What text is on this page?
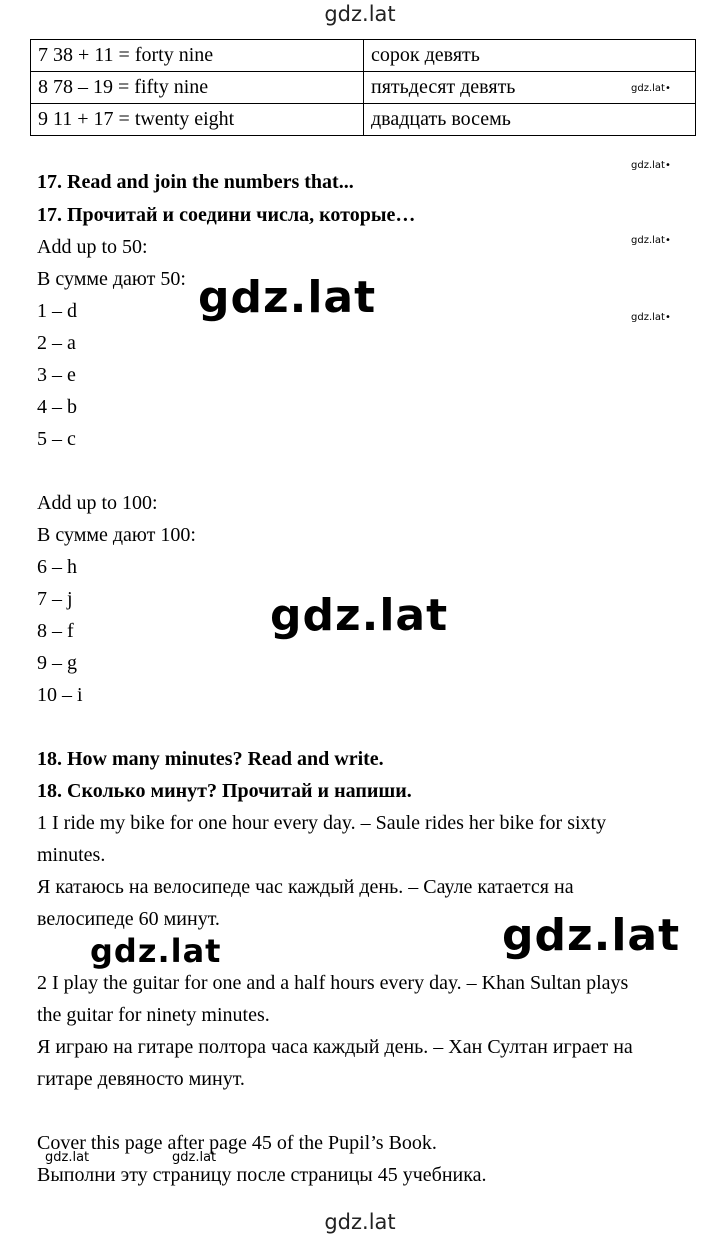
gdz.lat
7 38 + 11 = forty nine	сорок девять
8 78 – 19 = fifty nine	пятьдесят девять
9 11 + 17 = twenty eight	двадцать восемь
17. Read and join the numbers that...
17. Прочитай и соедини числа, которые…
Add up to 50:
В сумме дают 50:
1 – d
2 – a
3 – e
4 – b
5 – c
Add up to 100:
В сумме дают 100:
6 – h
7 – j
8 – f
9 – g
10 – i
18. How many minutes? Read and write.
18. Сколько минут? Прочитай и напиши.
1 I ride my bike for one hour every day. – Saule rides her bike for sixty
minutes.
Я катаюсь на велосипеде час каждый день. – Сауле катается на
велосипеде 60 минут.
2 I play the guitar for one and a half hours every day. – Khan Sultan plays
the guitar for ninety minutes.
Я играю на гитаре полтора часа каждый день. – Хан Султан играет на
гитаре девяносто минут.
Cover this page after page 45 of the Pupil’s Book.
Выполни эту страницу после страницы 45 учебника.
gdz.lat•
gdz.lat•
gdz.lat•
gdz.lat•
gdz.lat
gdz.lat
gdz.lat
gdz.lat
gdz.lat	gdz.lat
gdz.lat
